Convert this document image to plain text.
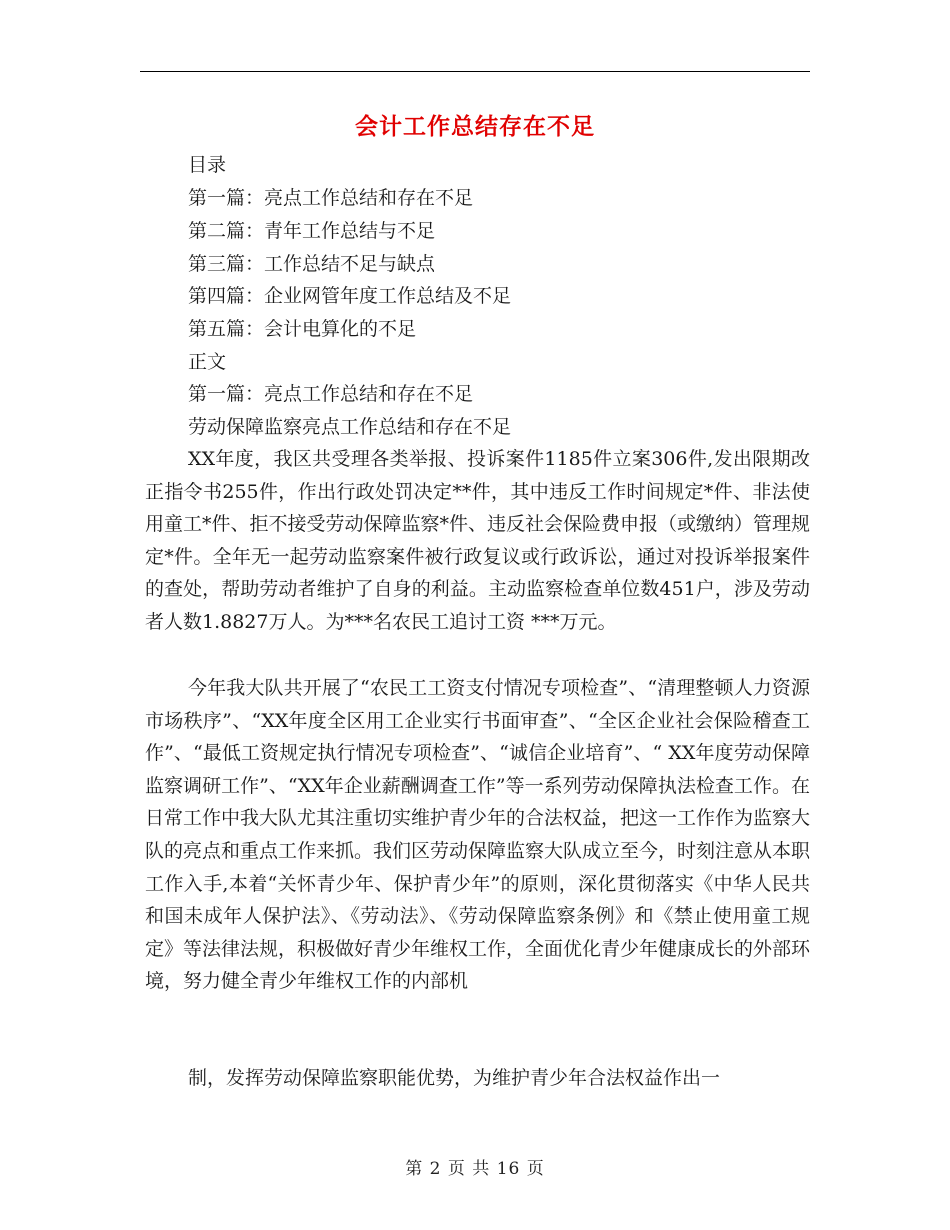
会计工作总结存在不足

目录

第一篇：亮点工作总结和存在不足

第二篇：青年工作总结与不足

第三篇：工作总结不足与缺点

第四篇：企业网管年度工作总结及不足

第五篇：会计电算化的不足

正文

第一篇：亮点工作总结和存在不足

劳动保障监察亮点工作总结和存在不足

XX年度，我区共受理各类举报、投诉案件1185件立案306件,发出限期改正指令书255件，作出行政处罚决定**件，其中违反工作时间规定*件、非法使用童工*件、拒不接受劳动保障监察*件、违反社会保险费申报（或缴纳）管理规定*件。全年无一起劳动监察案件被行政复议或行政诉讼，通过对投诉举报案件的查处，帮助劳动者维护了自身的利益。主动监察检查单位数451户，涉及劳动者人数1.8827万人。为***名农民工追讨工资 ***万元。

今年我大队共开展了“农民工工资支付情况专项检查”、“清理整顿人力资源市场秩序”、“XX年度全区用工企业实行书面审查”、“全区企业社会保险稽查工作”、“最低工资规定执行情况专项检查”、“诚信企业培育”、“ XX年度劳动保障监察调研工作”、“XX年企业薪酬调查工作”等一系列劳动保障执法检查工作。在日常工作中我大队尤其注重切实维护青少年的合法权益，把这一工作作为监察大队的亮点和重点工作来抓。我们区劳动保障监察大队成立至今，时刻注意从本职工作入手,本着“关怀青少年、保护青少年”的原则，深化贯彻落实《中华人民共和国未成年人保护法》、《劳动法》、《劳动保障监察条例》和《禁止使用童工规定》等法律法规，积极做好青少年维权工作，全面优化青少年健康成长的外部环境，努力健全青少年维权工作的内部机

制，发挥劳动保障监察职能优势，为维护青少年合法权益作出一

第 2 页 共 16 页
